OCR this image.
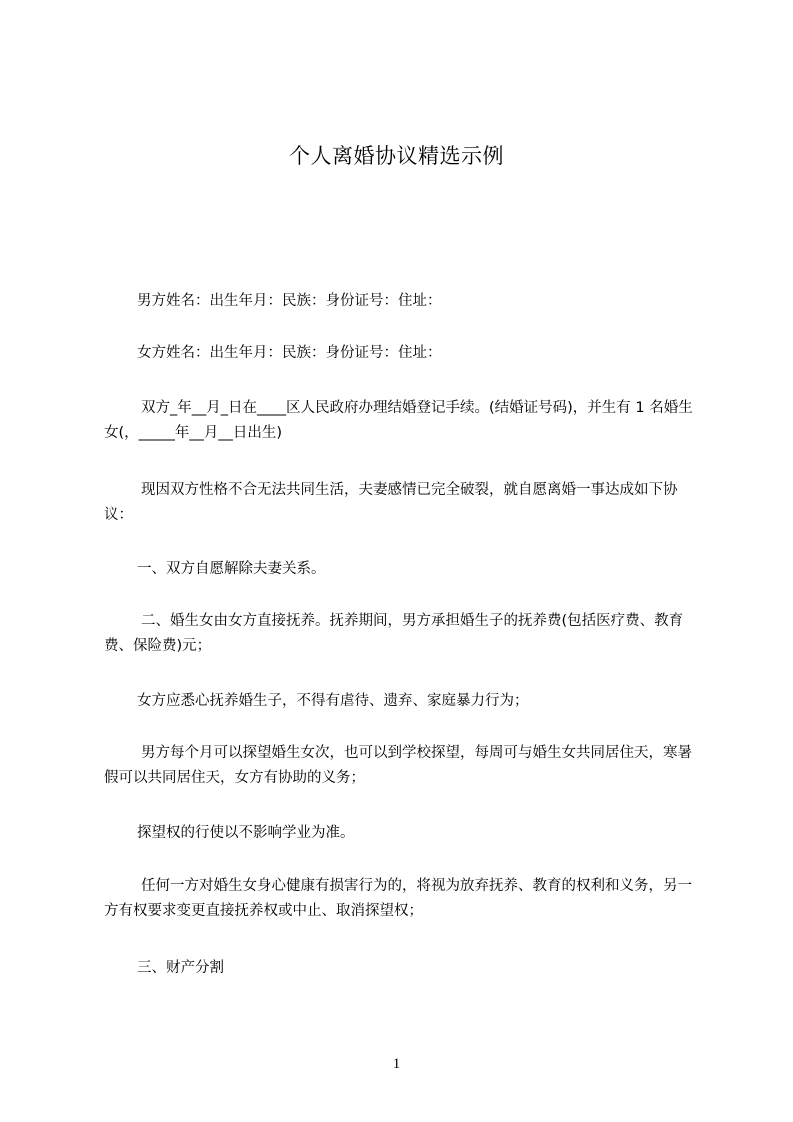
个人离婚协议精选示例

男方姓名：出生年月：民族：身份证号：住址：

女方姓名：出生年月：民族：身份证号：住址：

双方_年__月_日在____区人民政府办理结婚登记手续。(结婚证号码)，并生有 1 名婚生女(，_____年__月__日出生)

现因双方性格不合无法共同生活，夫妻感情已完全破裂，就自愿离婚一事达成如下协议：

一、双方自愿解除夫妻关系。

二、婚生女由女方直接抚养。抚养期间，男方承担婚生子的抚养费(包括医疗费、教育费、保险费)元；

女方应悉心抚养婚生子，不得有虐待、遗弃、家庭暴力行为；

男方每个月可以探望婚生女次，也可以到学校探望，每周可与婚生女共同居住天，寒暑假可以共同居住天，女方有协助的义务；

探望权的行使以不影响学业为准。

任何一方对婚生女身心健康有损害行为的，将视为放弃抚养、教育的权利和义务，另一方有权要求变更直接抚养权或中止、取消探望权；

三、财产分割

1
